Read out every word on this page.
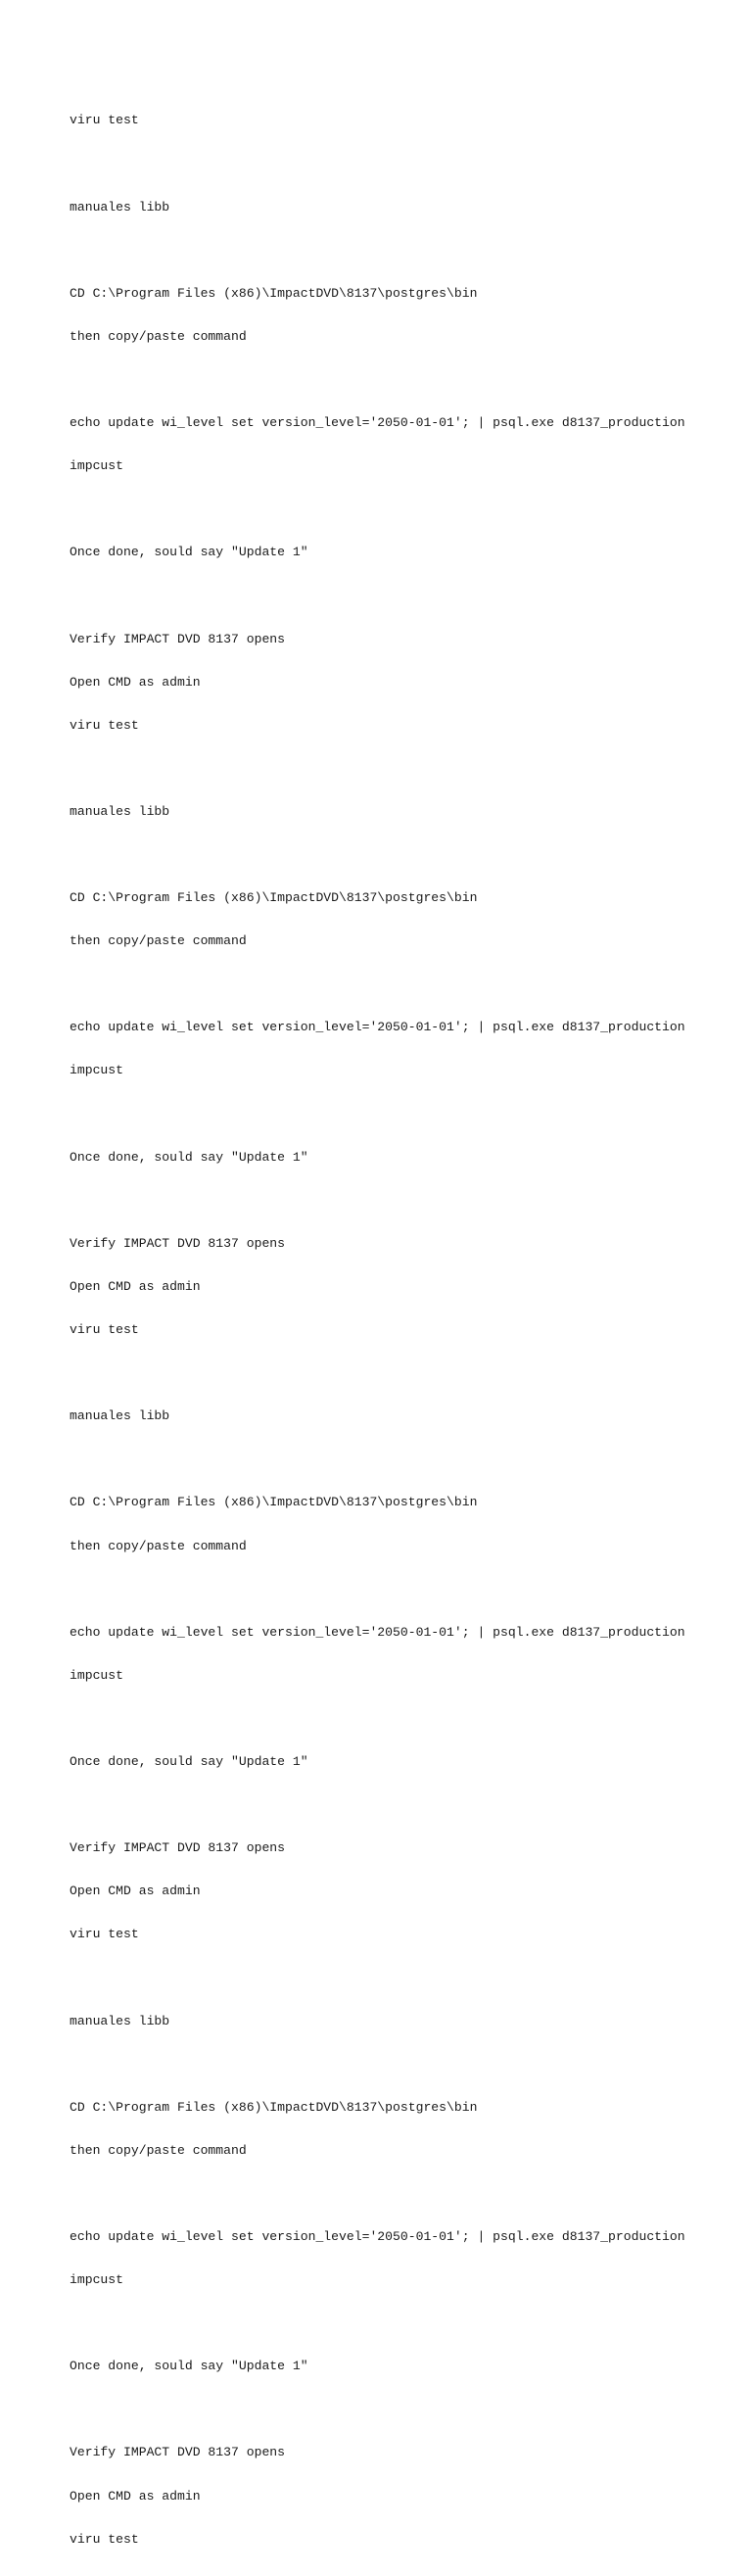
viru test

manuales libb

CD C:\Program Files (x86)\ImpactDVD\8137\postgres\bin

then copy/paste command

echo update wi_level set version_level='2050-01-01'; | psql.exe d8137_production

impcust

Once done, sould say "Update 1"

Verify IMPACT DVD 8137 opens

Open CMD as admin

viru test

manuales libb

CD C:\Program Files (x86)\ImpactDVD\8137\postgres\bin

then copy/paste command

echo update wi_level set version_level='2050-01-01'; | psql.exe d8137_production

impcust

Once done, sould say "Update 1"

Verify IMPACT DVD 8137 opens

Open CMD as admin

viru test

manuales libb

CD C:\Program Files (x86)\ImpactDVD\8137\postgres\bin

then copy/paste command

echo update wi_level set version_level='2050-01-01'; | psql.exe d8137_production

impcust

Once done, sould say "Update 1"

Verify IMPACT DVD 8137 opens

Open CMD as admin

viru test

manuales libb

CD C:\Program Files (x86)\ImpactDVD\8137\postgres\bin

then copy/paste command

echo update wi_level set version_level='2050-01-01'; | psql.exe d8137_production

impcust

Once done, sould say "Update 1"

Verify IMPACT DVD 8137 opens

Open CMD as admin

viru test
